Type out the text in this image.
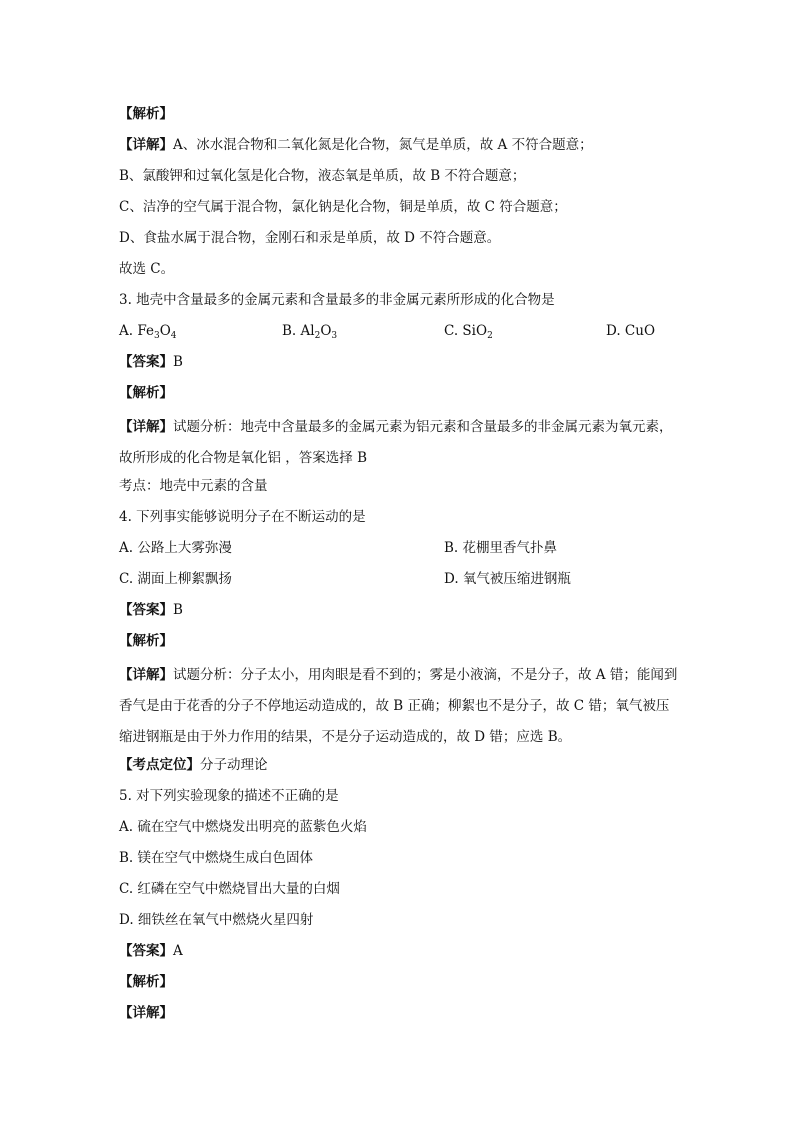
【解析】
【详解】A、冰水混合物和二氧化氮是化合物，氮气是单质，故 A 不符合题意；
B、氯酸钾和过氧化氢是化合物，液态氧是单质，故 B 不符合题意；
C、洁净的空气属于混合物，氯化钠是化合物，铜是单质，故 C 符合题意；
D、食盐水属于混合物，金刚石和汞是单质，故 D 不符合题意。
故选 C。
3. 地壳中含量最多的金属元素和含量最多的非金属元素所形成的化合物是
A. $Fe_3O_4$	B. $Al_2O_3$	C. SiO$_2$	D. CuO
【答案】B
【解析】
【详解】试题分析：地壳中含量最多的金属元素为铝元素和含量最多的非金属元素为氧元素，故所形成的化合物是氧化铝 ，答案选择 B
考点：地壳中元素的含量
4. 下列事实能够说明分子在不断运动的是
A. 公路上大雾弥漫	B. 花棚里香气扑鼻
C. 湖面上柳絮飘扬	D. 氧气被压缩进钢瓶
【答案】B
【解析】
【详解】试题分析：分子太小，用肉眼是看不到的；雾是小液滴，不是分子，故 A 错；能闻到香气是由于花香的分子不停地运动造成的，故 B 正确；柳絮也不是分子，故 C 错；氧气被压缩进钢瓶是由于外力作用的结果，不是分子运动造成的，故 D 错；应选 B。
【考点定位】分子动理论
5. 对下列实验现象的描述不正确的是
A. 硫在空气中燃烧发出明亮的蓝紫色火焰
B. 镁在空气中燃烧生成白色固体
C. 红磷在空气中燃烧冒出大量的白烟
D. 细铁丝在氧气中燃烧火星四射
【答案】A
【解析】
【详解】
